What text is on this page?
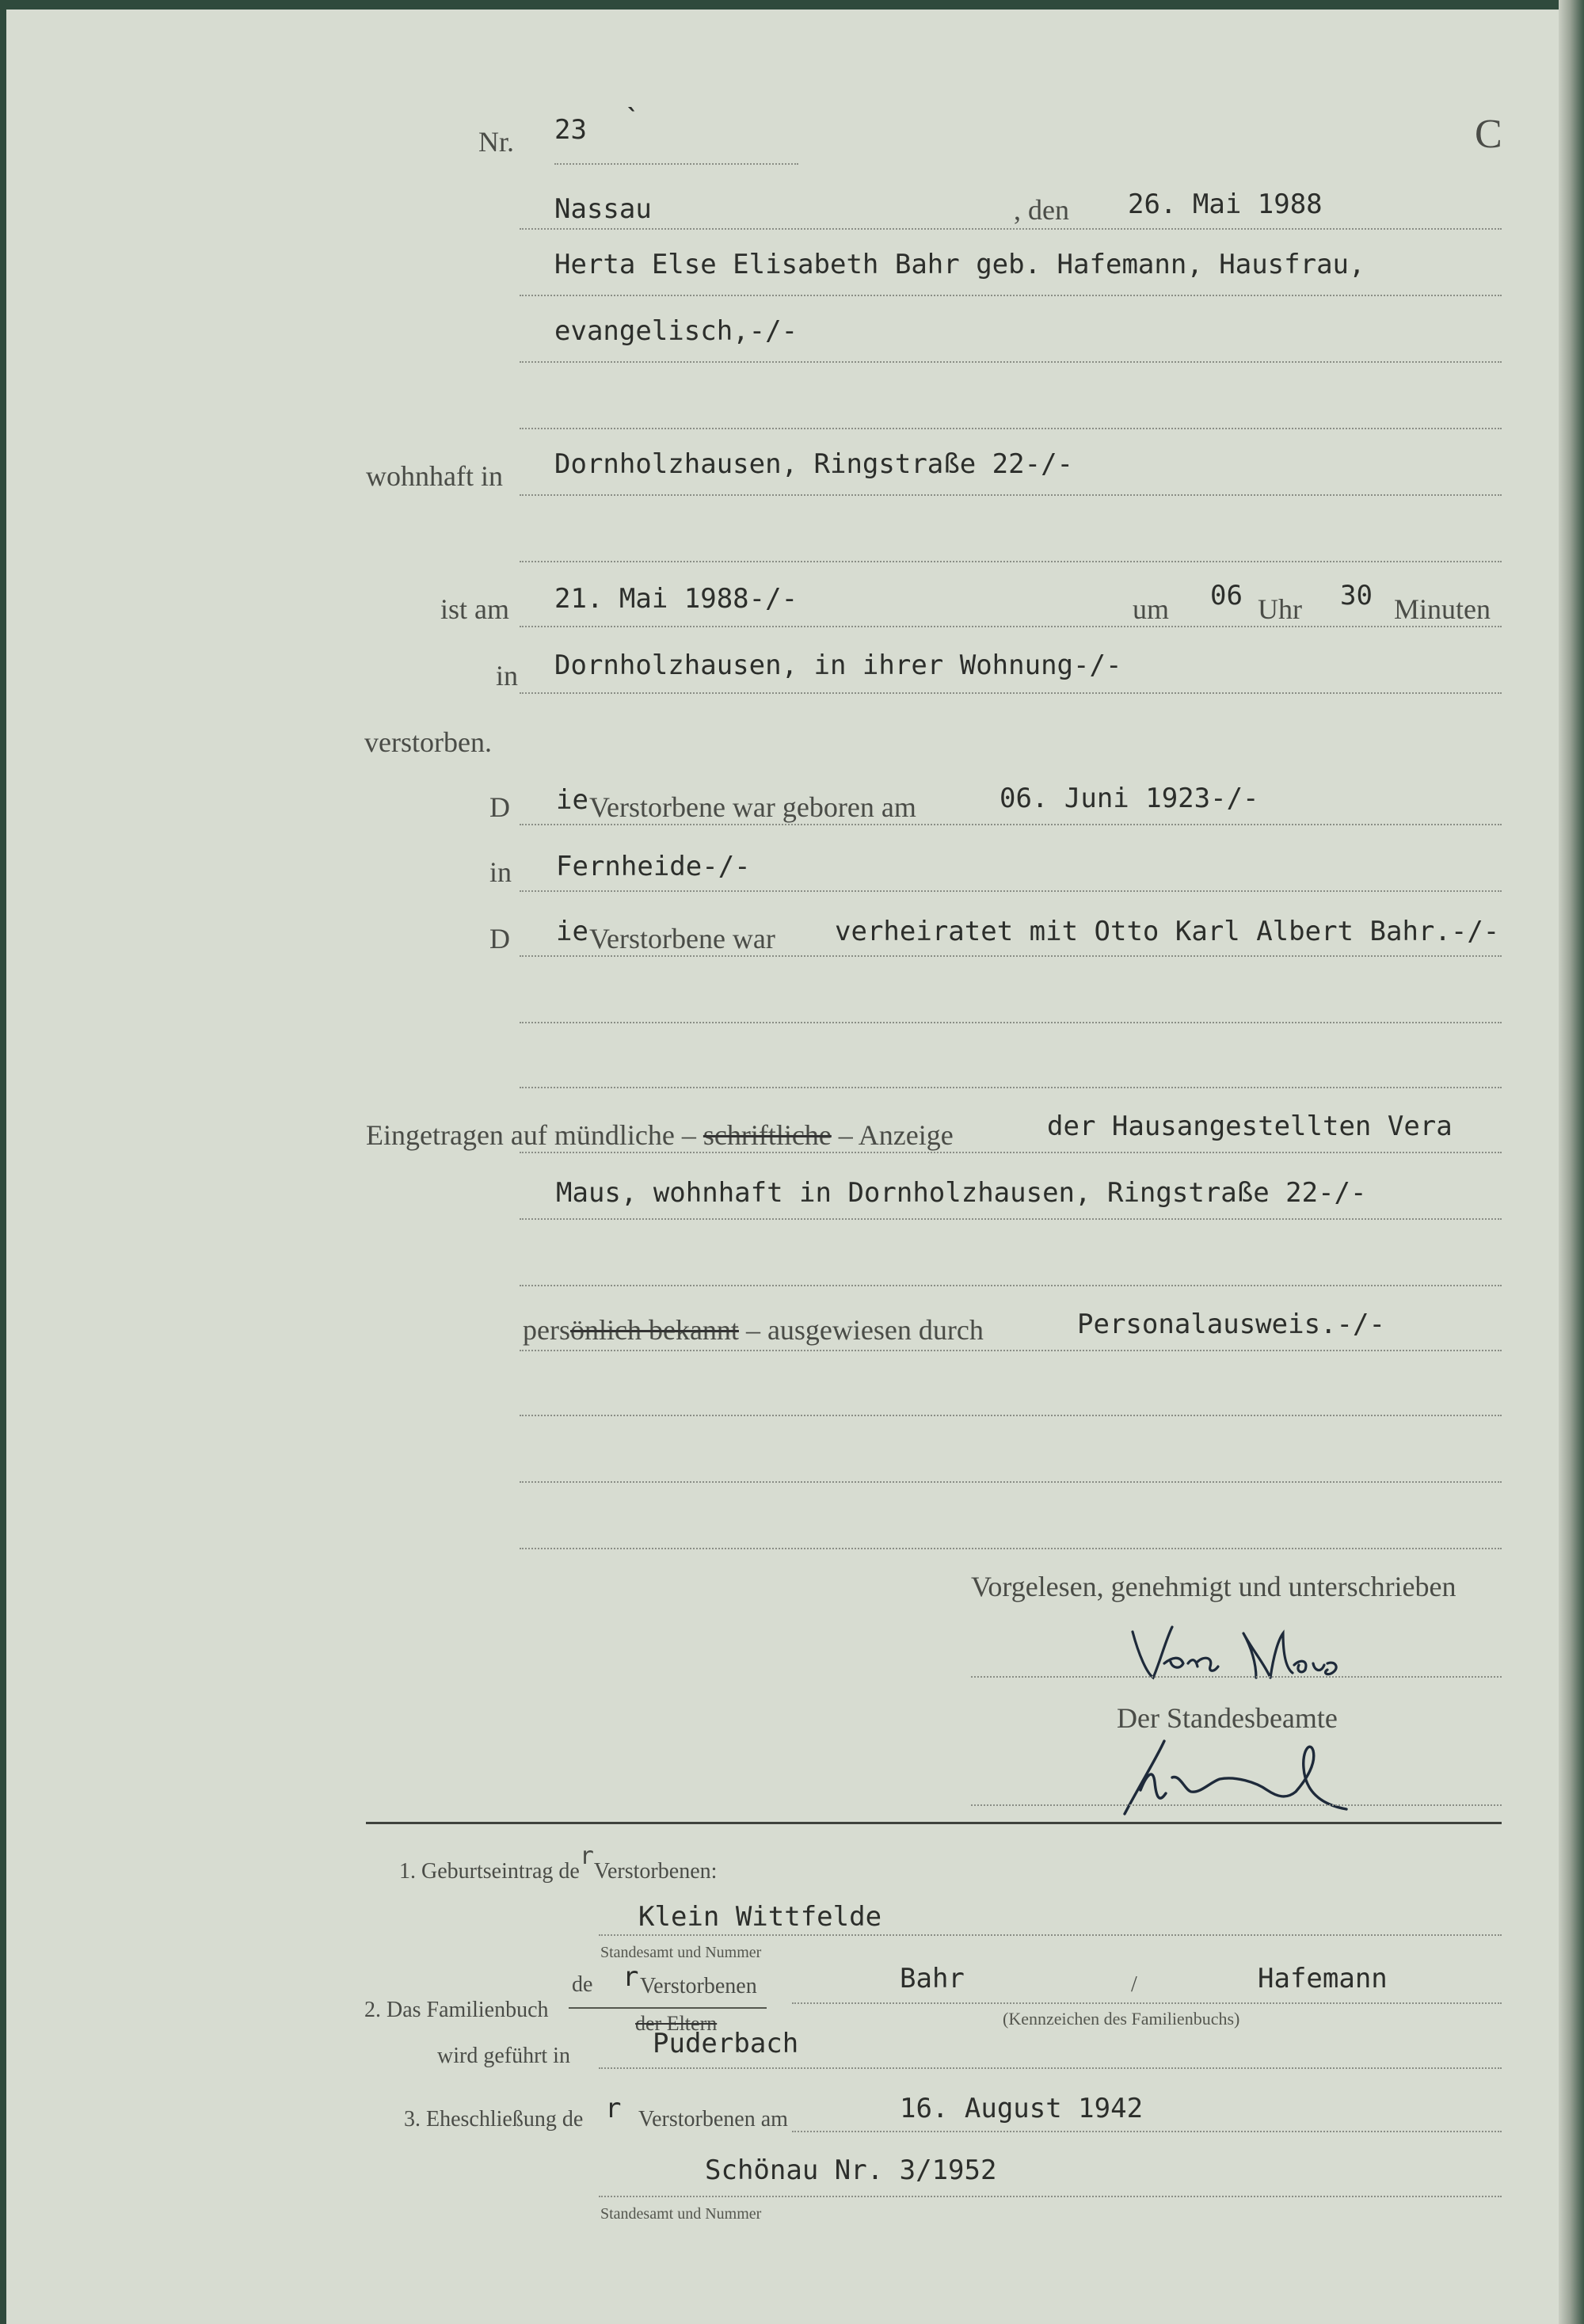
Nr. 23 `	C
Nassau	, den 26. Mai 1988
Herta Else Elisabeth Bahr geb. Hafemann, Hausfrau,
evangelisch,-/-
wohnhaft in Dornholzhausen, Ringstraße 22-/-
ist am 21. Mai 1988-/-	um 06 Uhr 30 Minuten
in Dornholzhausen, in ihrer Wohnung-/-
verstorben.
D ie Verstorbene war geboren am	06. Juni 1923-/-
in Fernheide-/-
D ie Verstorbene war verheiratet mit Otto Karl Albert Bahr.-/-
Eingetragen auf mündliche – schriftliche – Anzeige	der Hausangestellten Vera
Maus, wohnhaft in Dornholzhausen, Ringstraße 22-/-
persönlich bekannt – ausgewiesen durch	Personalausweis.-/-
Vorgelesen, genehmigt und unterschrieben
Der Standesbeamte
1. Geburtseintrag derVerstorbenen:
Klein Wittfelde
Standesamt und Nummer
de r Verstorbenen
der Eltern
2. Das Familienbuch
Bahr	/	Hafemann
(Kennzeichen des Familienbuchs)
wird geführt in	Puderbach
3. Eheschließung de r Verstorbenen am	16. August 1942
Schönau Nr. 3/1952
Standesamt und Nummer
